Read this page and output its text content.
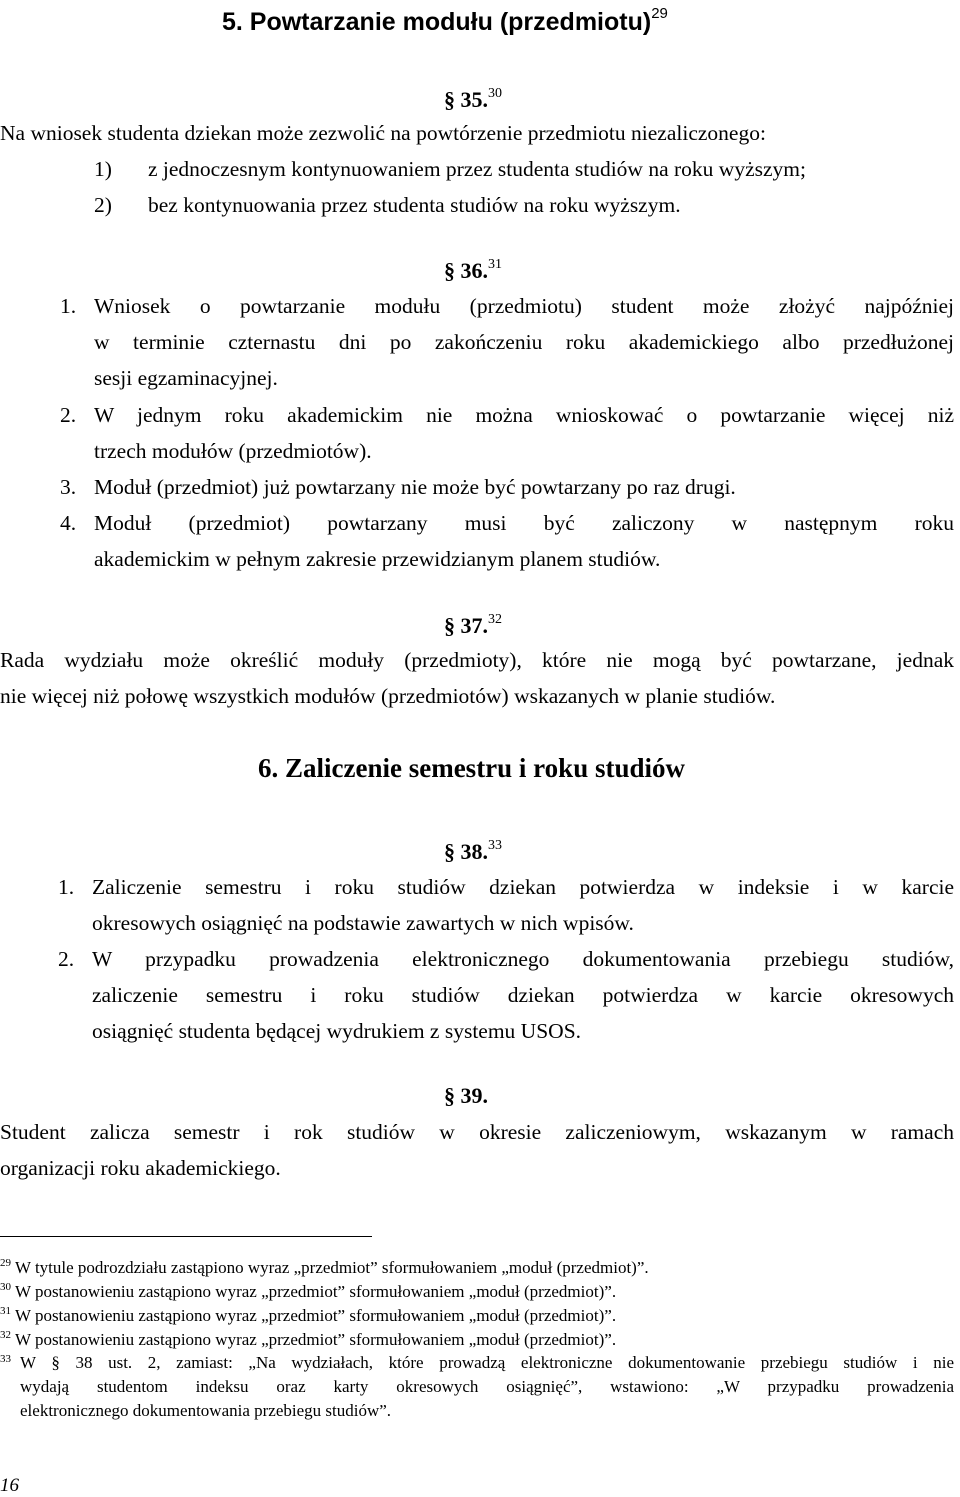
5. Powtarzanie modułu (przedmiotu)$^{29}$
§ 35.30
Na wniosek studenta dziekan może zezwolić na powtórzenie przedmiotu niezaliczonego:
1) z jednoczesnym kontynuowaniem przez studenta studiów na roku wyższym;
2) bez kontynuowania przez studenta studiów na roku wyższym.
§ 36.31
1. Wniosek o powtarzanie modułu (przedmiotu) student może złożyć najpóźniej
w terminie czternastu dni po zakończeniu roku akademickiego albo przedłużonej
sesji egzaminacyjnej.
2. W jednym roku akademickim nie można wnioskować o powtarzanie więcej niż
trzech modułów (przedmiotów).
3. Moduł (przedmiot) już powtarzany nie może być powtarzany po raz drugi.
4. Moduł (przedmiot) powtarzany musi być zaliczony w następnym roku
akademickim w pełnym zakresie przewidzianym planem studiów.
§ 37.32
Rada wydziału może określić moduły (przedmioty), które nie mogą być powtarzane, jednak
nie więcej niż połowę wszystkich modułów (przedmiotów) wskazanych w planie studiów.
6. Zaliczenie semestru i roku studiów
§ 38.33
1. Zaliczenie semestru i roku studiów dziekan potwierdza w indeksie i w karcie
okresowych osiągnięć na podstawie zawartych w nich wpisów.
2. W przypadku prowadzenia elektronicznego dokumentowania przebiegu studiów,
zaliczenie semestru i roku studiów dziekan potwierdza w karcie okresowych
osiągnięć studenta będącej wydrukiem z systemu USOS.
§ 39.
Student zalicza semestr i rok studiów w okresie zaliczeniowym, wskazanym w ramach
organizacji roku akademickiego.
$^{29}$ W tytule podrozdziału zastąpiono wyraz „przedmiot” sformułowaniem „moduł (przedmiot)”.
$^{30}$ W postanowieniu zastąpiono wyraz „przedmiot” sformułowaniem „moduł (przedmiot)”.
$^{31}$ W postanowieniu zastąpiono wyraz „przedmiot” sformułowaniem „moduł (przedmiot)”.
$^{32}$ W postanowieniu zastąpiono wyraz „przedmiot” sformułowaniem „moduł (przedmiot)”.
$^{33}$ W § 38 ust. 2, zamiast: „Na wydziałach, które prowadzą elektroniczne dokumentowanie przebiegu studiów i nie
wydają studentom indeksu oraz karty okresowych osiągnięć”, wstawiono: „W przypadku prowadzenia
elektronicznego dokumentowania przebiegu studiów”.
16
